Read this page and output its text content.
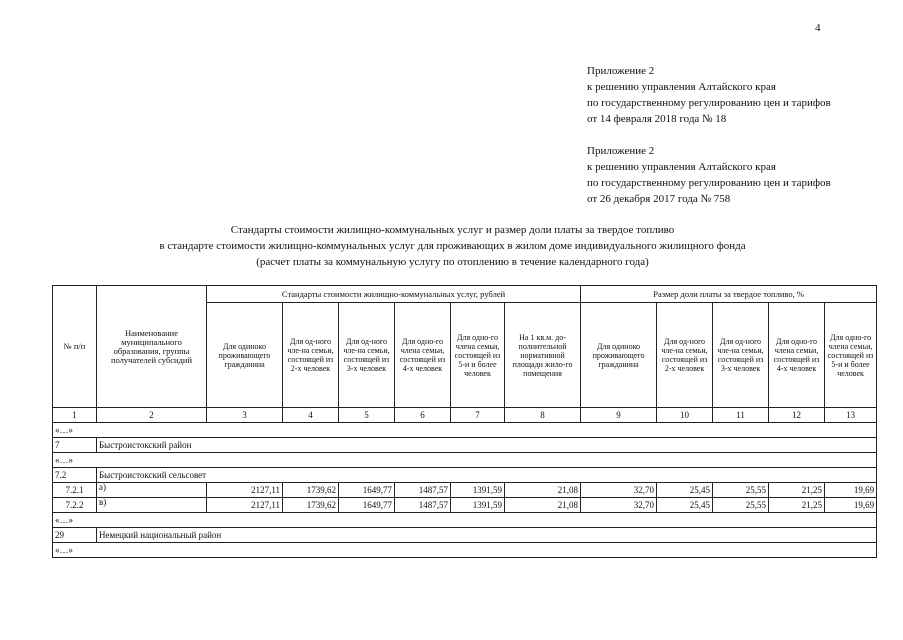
4
Приложение 2
к решению управления Алтайского края
по государственному регулированию цен и тарифов
от 14 февраля 2018 года № 18
Приложение 2
к решению управления Алтайского края
по государственному регулированию цен и тарифов
от 26 декабря 2017 года № 758
Стандарты стоимости жилищно-коммунальных услуг и размер доли платы за твердое топливо
в стандарте стоимости жилищно-коммунальных услуг для проживающих в жилом доме индивидуального жилищного фонда
(расчет платы за коммунальную услугу по отоплению в течение календарного года)
№ п/п	Наименование муниципального образования, группы получателей субсидий	Стандарты стоимости жилищно-коммунальных услуг, рублей						Размер доли платы за твердое топливо, %				
		Для одиноко проживающего гражданина	Для од-ного чле-на семьи, состоящей из 2-х человек	Для од-ного чле-на семьи, состоящей из 3-х человек	Для одно-го члена семьи, состоящей из 4-х человек	Для одно-го члена семьи, состоящей из 5-и и более человек	На 1 кв.м. до-полнительной нормативной площади жило-го помещения	Для одиноко проживающего гражданина	Для од-ного чле-на семьи, состоящей из 2-х человек	Для од-ного чле-на семьи, состоящей из 3-х человек	Для одно-го члена семьи, состоящей из 4-х человек	Для одно-го члена семьи, состоящей из 5-и и более человек
1	2	3	4	5	6	7	8	9	10	11	12	13
«…»												
7	Быстроистокский район											
«…»												
7.2	Быстроистокский сельсовет											
7.2.1	а)	2127,11	1739,62	1649,77	1487,57	1391,59	21,08	32,70	25,45	25,55	21,25	19,69
7.2.2	в)	2127,11	1739,62	1649,77	1487,57	1391,59	21,08	32,70	25,45	25,55	21,25	19,69
«…»												
29	Немецкий национальный район											
«…»												
